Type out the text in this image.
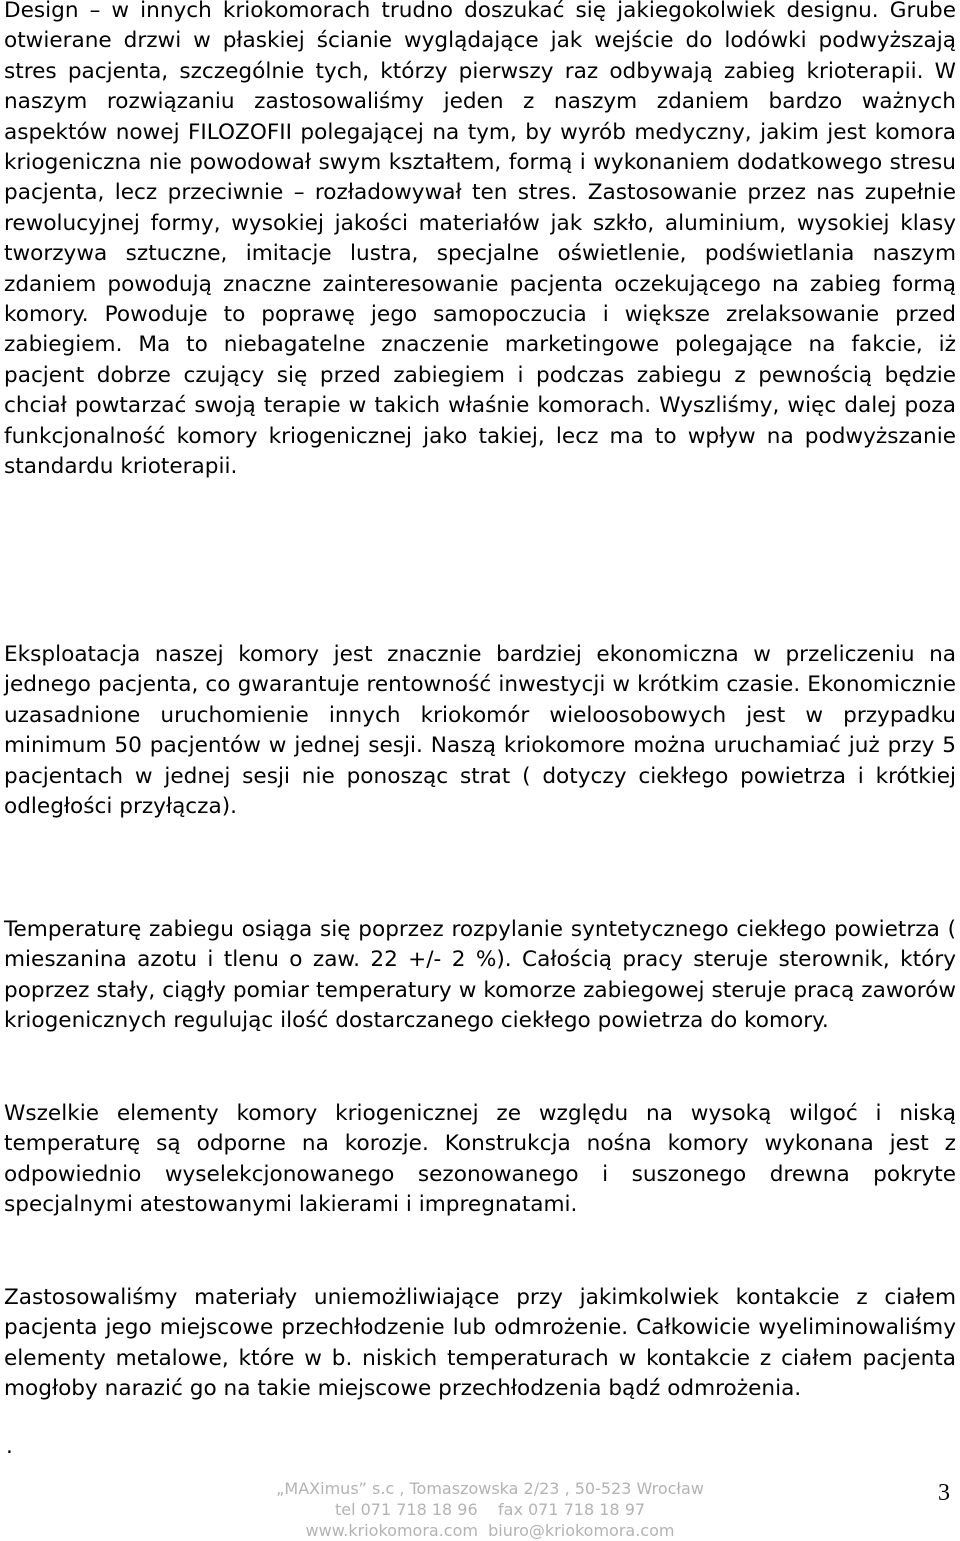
Design – w innych kriokomorach trudno doszukać się jakiegokolwiek designu. Grube otwierane drzwi w płaskiej ścianie wyglądające jak wejście do lodówki podwyższają stres pacjenta, szczególnie tych, którzy pierwszy raz odbywają zabieg krioterapii. W naszym rozwiązaniu zastosowaliśmy jeden z naszym zdaniem bardzo ważnych aspektów nowej FILOZOFII polegającej na tym, by wyrób medyczny, jakim jest komora kriogeniczna nie powodował swym kształtem, formą i wykonaniem dodatkowego stresu pacjenta, lecz przeciwnie – rozładowywał ten stres. Zastosowanie przez nas zupełnie rewolucyjnej formy, wysokiej jakości materiałów jak szkło, aluminium, wysokiej klasy tworzywa sztuczne, imitacje lustra, specjalne oświetlenie, podświetlania naszym zdaniem powodują znaczne zainteresowanie pacjenta oczekującego na zabieg formą komory. Powoduje to poprawę jego samopoczucia i większe zrelaksowanie przed zabiegiem. Ma to niebagatelne znaczenie marketingowe polegające na fakcie, iż pacjent dobrze czujący się przed zabiegiem i podczas zabiegu z pewnością będzie chciał powtarzać swoją terapie w takich właśnie komorach. Wyszliśmy, więc dalej poza funkcjonalność komory kriogenicznej jako takiej, lecz ma to wpływ na podwyższanie standardu krioterapii.

Eksploatacja naszej komory jest znacznie bardziej ekonomiczna w przeliczeniu na jednego pacjenta, co gwarantuje rentowność inwestycji w krótkim czasie. Ekonomicznie uzasadnione uruchomienie innych kriokomór wieloosobowych jest w przypadku minimum 50 pacjentów w jednej sesji. Naszą kriokomore można uruchamiać już przy 5 pacjentach w jednej sesji nie ponosząc strat ( dotyczy ciekłego powietrza i krótkiej odległości przyłącza).

Temperaturę zabiegu osiąga się poprzez rozpylanie syntetycznego ciekłego powietrza ( mieszanina azotu i tlenu o zaw. 22 +/- 2 %). Całością pracy steruje sterownik, który poprzez stały, ciągły pomiar temperatury w komorze zabiegowej steruje pracą zaworów kriogenicznych regulując ilość dostarczanego ciekłego powietrza do komory.

Wszelkie elementy komory kriogenicznej ze względu na wysoką wilgoć i niską temperaturę są odporne na korozje. Konstrukcja nośna komory wykonana jest z odpowiednio wyselekcjonowanego sezonowanego i suszonego drewna pokryte specjalnymi atestowanymi lakierami i impregnatami.

Zastosowaliśmy materiały uniemożliwiające przy jakimkolwiek kontakcie z ciałem pacjenta jego miejscowe przechłodzenie lub odmrożenie. Całkowicie wyeliminowaliśmy elementy metalowe, które w b. niskich temperaturach w kontakcie z ciałem pacjenta mogłoby narazić go na takie miejscowe przechłodzenia bądź odmrożenia.

.
„MAXimus” s.c , Tomaszowska 2/23 , 50-523 Wrocław
tel 071 718 18 96    fax 071 718 18 97
www.kriokomora.com  biuro@kriokomora.com
3
